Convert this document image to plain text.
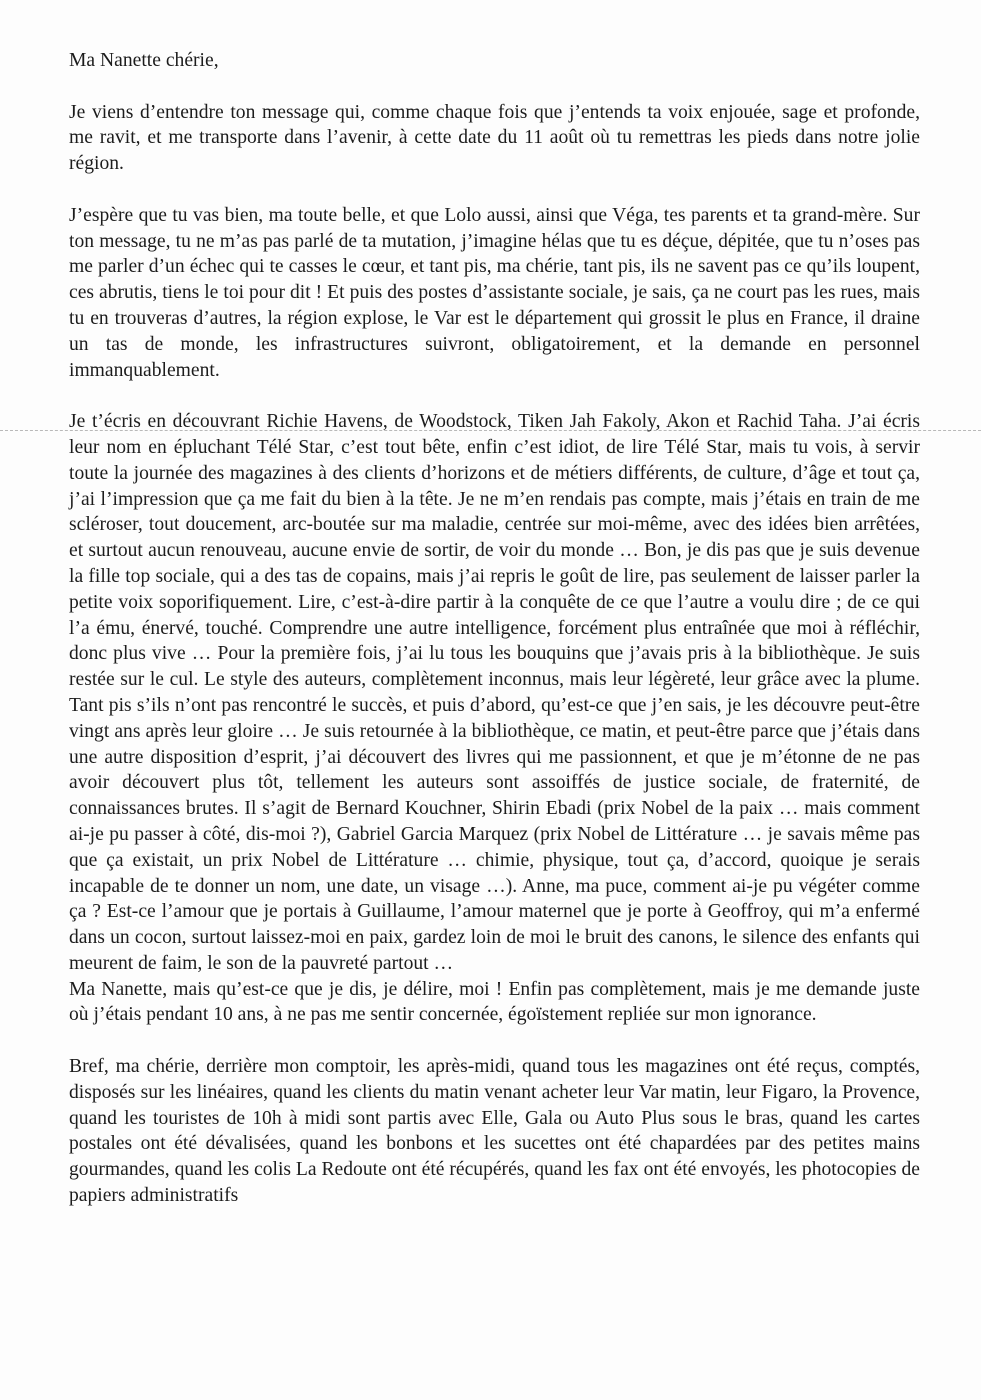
Ma Nanette chérie,

Je viens d’entendre ton message qui, comme chaque fois que j’entends ta voix enjouée, sage et profonde, me ravit, et me transporte dans l’avenir, à cette date du 11 août où tu remettras les pieds dans notre jolie région.

J’espère que tu vas bien, ma toute belle, et que Lolo aussi, ainsi que Véga, tes parents et ta grand-mère. Sur ton message, tu ne m’as pas parlé de ta mutation, j’imagine hélas que tu es déçue, dépitée, que tu n’oses pas me parler d’un échec qui te casses le cœur, et tant pis, ma chérie, tant pis, ils ne savent pas ce qu’ils loupent, ces abrutis, tiens le toi pour dit ! Et puis des postes d’assistante sociale, je sais, ça ne court pas les rues, mais tu en trouveras d’autres, la région explose, le Var est le département qui grossit le plus en France, il draine un tas de monde, les infrastructures suivront, obligatoirement, et la demande en personnel immanquablement.

Je t’écris en découvrant Richie Havens, de Woodstock, Tiken Jah Fakoly, Akon et Rachid Taha. J’ai écris leur nom en épluchant Télé Star, c’est tout bête, enfin c’est idiot, de lire Télé Star, mais tu vois, à servir toute la journée des magazines à des clients d’horizons et de métiers différents, de culture, d’âge et tout ça, j’ai l’impression que ça me fait du bien à la tête. Je ne m’en rendais pas compte, mais j’étais en train de me scléroser, tout doucement, arc-boutée sur ma maladie, centrée sur moi-même, avec des idées bien arrêtées, et surtout aucun renouveau, aucune envie de sortir, de voir du monde … Bon, je dis pas que je suis devenue la fille top sociale, qui a des tas de copains, mais j’ai repris le goût de lire, pas seulement de laisser parler la petite voix soporifiquement. Lire, c’est-à-dire partir à la conquête de ce que l’autre a voulu dire ; de ce qui l’a ému, énervé, touché. Comprendre une autre intelligence, forcément plus entraînée que moi à réfléchir, donc plus vive … Pour la première fois, j’ai lu tous les bouquins que j’avais pris à la bibliothèque. Je suis restée sur le cul. Le style des auteurs, complètement inconnus, mais leur légèreté, leur grâce avec la plume. Tant pis s’ils n’ont pas rencontré le succès, et puis d’abord, qu’est-ce que j’en sais, je les découvre peut-être vingt ans après leur gloire … Je suis retournée à la bibliothèque, ce matin, et peut-être parce que j’étais dans une autre disposition d’esprit, j’ai découvert des livres qui me passionnent, et que je m’étonne de ne pas avoir découvert plus tôt, tellement les auteurs sont assoiffés de justice sociale, de fraternité, de connaissances brutes. Il s’agit de Bernard Kouchner, Shirin Ebadi (prix Nobel de la paix … mais comment ai-je pu passer à côté, dis-moi ?), Gabriel Garcia Marquez (prix Nobel de Littérature … je savais même pas que ça existait, un prix Nobel de Littérature … chimie, physique, tout ça, d’accord, quoique je serais incapable de te donner un nom, une date, un visage …). Anne, ma puce, comment ai-je pu végéter comme ça ? Est-ce l’amour que je portais à Guillaume, l’amour maternel que je porte à Geoffroy, qui m’a enfermé dans un cocon, surtout laissez-moi en paix, gardez loin de moi le bruit des canons, le silence des enfants qui meurent de faim, le son de la pauvreté partout …

Ma Nanette, mais qu’est-ce que je dis, je délire, moi ! Enfin pas complètement, mais je me demande juste où j’étais pendant 10 ans, à ne pas me sentir concernée, égoïstement repliée sur mon ignorance.

Bref, ma chérie, derrière mon comptoir, les après-midi, quand tous les magazines ont été reçus, comptés, disposés sur les linéaires, quand les clients du matin venant acheter leur Var matin, leur Figaro, la Provence, quand les touristes de 10h à midi sont partis avec Elle, Gala ou Auto Plus sous le bras, quand les cartes postales ont été dévalisées, quand les bonbons et les sucettes ont été chapardées par des petites mains gourmandes, quand les colis La Redoute ont été récupérés, quand les fax ont été envoyés, les photocopies de papiers administratifs
